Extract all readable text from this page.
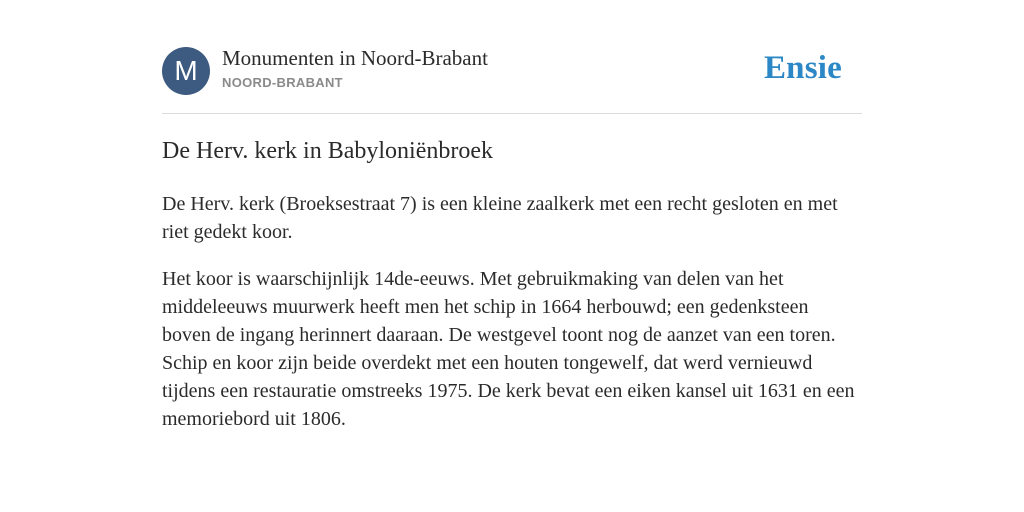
M	Monumenten in Noord-Brabant
NOORD-BRABANT	Ensie
De Herv. kerk in Babyloniënbroek

De Herv. kerk (Broeksestraat 7) is een kleine zaalkerk met een recht gesloten en met riet gedekt koor.

Het koor is waarschijnlijk 14de-eeuws. Met gebruikmaking van delen van het middeleeuws muurwerk heeft men het schip in 1664 herbouwd; een gedenksteen boven de ingang herinnert daaraan. De westgevel toont nog de aanzet van een toren. Schip en koor zijn beide overdekt met een houten tongewelf, dat werd vernieuwd tijdens een restauratie omstreeks 1975. De kerk bevat een eiken kansel uit 1631 en een memoriebord uit 1806.
